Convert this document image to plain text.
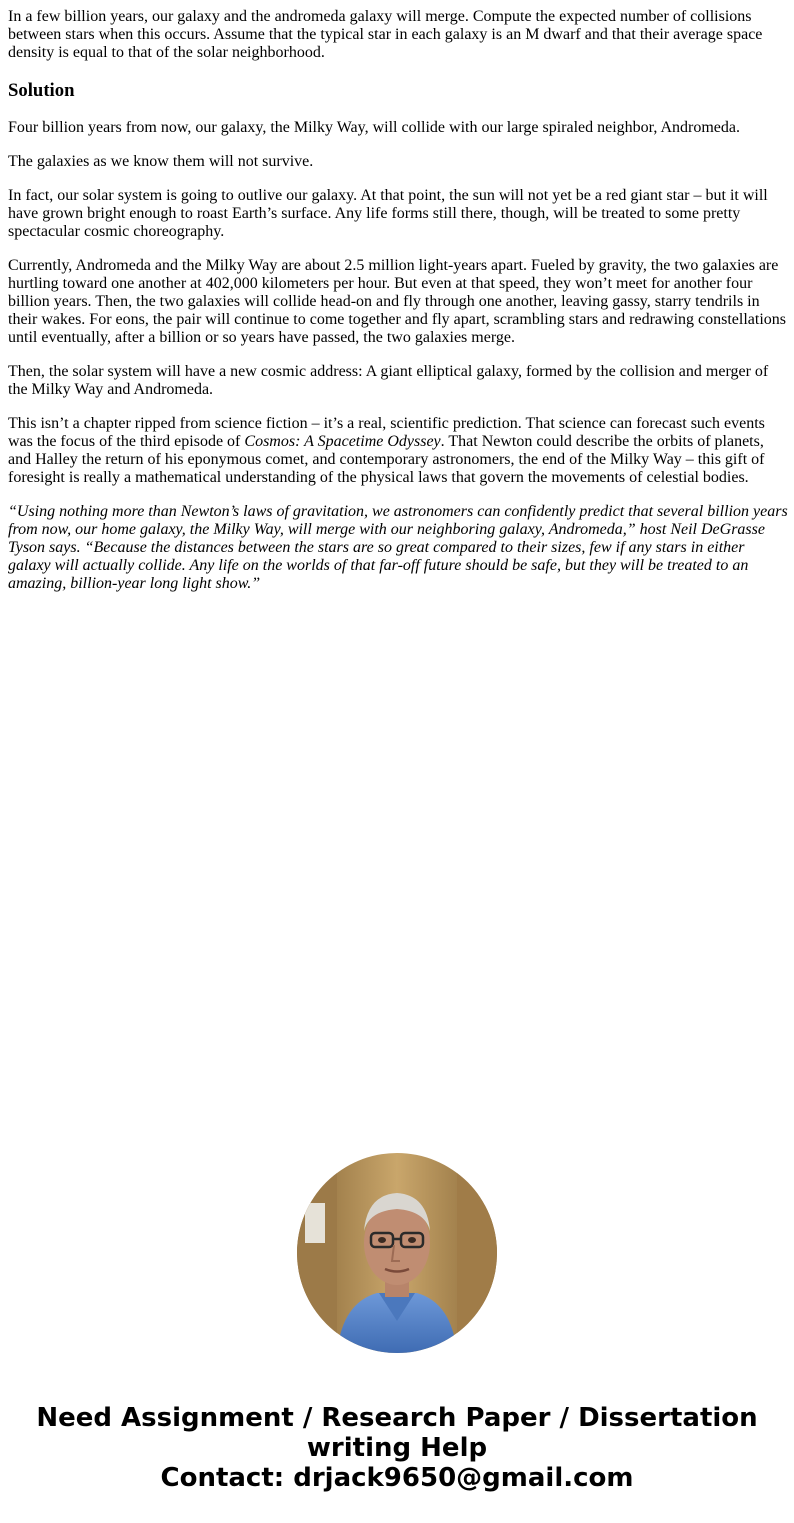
In a few billion years, our galaxy and the andromeda galaxy will merge. Compute the expected number of collisions between stars when this occurs. Assume that the typical star in each galaxy is an M dwarf and that their average space density is equal to that of the solar neighborhood.

Solution

Four billion years from now, our galaxy, the Milky Way, will collide with our large spiraled neighbor, Andromeda.

The galaxies as we know them will not survive.

In fact, our solar system is going to outlive our galaxy. At that point, the sun will not yet be a red giant star – but it will have grown bright enough to roast Earth’s surface. Any life forms still there, though, will be treated to some pretty spectacular cosmic choreography.

Currently, Andromeda and the Milky Way are about 2.5 million light-years apart. Fueled by gravity, the two galaxies are hurtling toward one another at 402,000 kilometers per hour. But even at that speed, they won’t meet for another four billion years. Then, the two galaxies will collide head-on and fly through one another, leaving gassy, starry tendrils in their wakes. For eons, the pair will continue to come together and fly apart, scrambling stars and redrawing constellations until eventually, after a billion or so years have passed, the two galaxies merge.

Then, the solar system will have a new cosmic address: A giant elliptical galaxy, formed by the collision and merger of the Milky Way and Andromeda.

This isn’t a chapter ripped from science fiction – it’s a real, scientific prediction. That science can forecast such events was the focus of the third episode of Cosmos: A Spacetime Odyssey. That Newton could describe the orbits of planets, and Halley the return of his eponymous comet, and contemporary astronomers, the end of the Milky Way – this gift of foresight is really a mathematical understanding of the physical laws that govern the movements of celestial bodies.

“Using nothing more than Newton’s laws of gravitation, we astronomers can confidently predict that several billion years from now, our home galaxy, the Milky Way, will merge with our neighboring galaxy, Andromeda,” host Neil DeGrasse Tyson says. “Because the distances between the stars are so great compared to their sizes, few if any stars in either galaxy will actually collide. Any life on the worlds of that far-off future should be safe, but they will be treated to an amazing, billion-year long light show.”

Need Assignment / Research Paper / Dissertation
writing Help
Contact: drjack9650@gmail.com
